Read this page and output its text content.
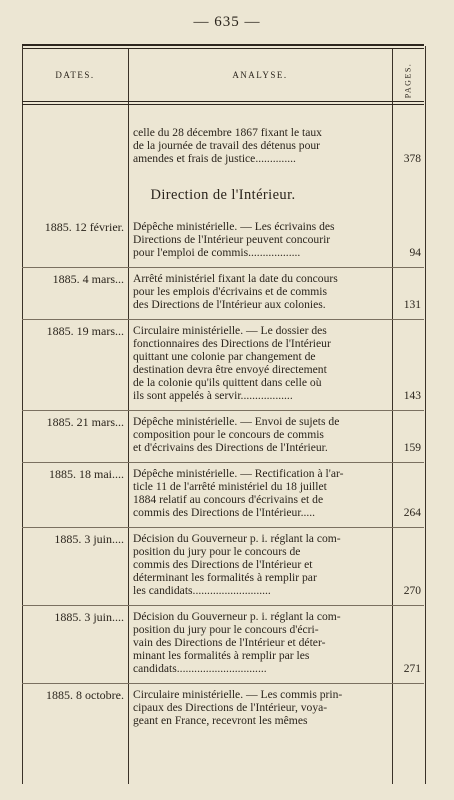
— 635 —
DATES.	ANALYSE.	PAGES.
celle du 28 décembre 1867 fixant le taux
de la journée de travail des détenus pour
amendes et frais de justice..............	378
Direction de l'Intérieur.
1885. 12 février. Dépêche ministérielle. — Les écrivains des
Directions de l'Intérieur peuvent concourir
pour l'emploi de commis..................	94
1885. 4 mars... Arrêté ministériel fixant la date du concours
pour les emplois d'écrivains et de commis
des Directions de l'Intérieur aux colonies.	131
1885. 19 mars... Circulaire ministérielle. — Le dossier des
fonctionnaires des Directions de l'Intérieur
quittant une colonie par changement de
destination devra être envoyé directement
de la colonie qu'ils quittent dans celle où
ils sont appelés à servir..................	143
1885. 21 mars... Dépêche ministérielle. — Envoi de sujets de
composition pour le concours de commis
et d'écrivains des Directions de l'Intérieur.	159
1885. 18 mai.... Dépêche ministérielle. — Rectification à l'ar-
ticle 11 de l'arrêté ministériel du 18 juillet
1884 relatif au concours d'écrivains et de
commis des Directions de l'Intérieur.....	264
1885. 3 juin.... Décision du Gouverneur p. i. réglant la com-
position du jury pour le concours de
commis des Directions de l'Intérieur et
déterminant les formalités à remplir par
les candidats...........................	270
1885. 3 juin.... Décision du Gouverneur p. i. réglant la com-
position du jury pour le concours d'écri-
vain des Directions de l'Intérieur et déter-
minant les formalités à remplir par les
candidats...............................	271
1885. 8 octobre. Circulaire ministérielle. — Les commis prin-
cipaux des Directions de l'Intérieur, voya-
geant en France, recevront les mêmes
